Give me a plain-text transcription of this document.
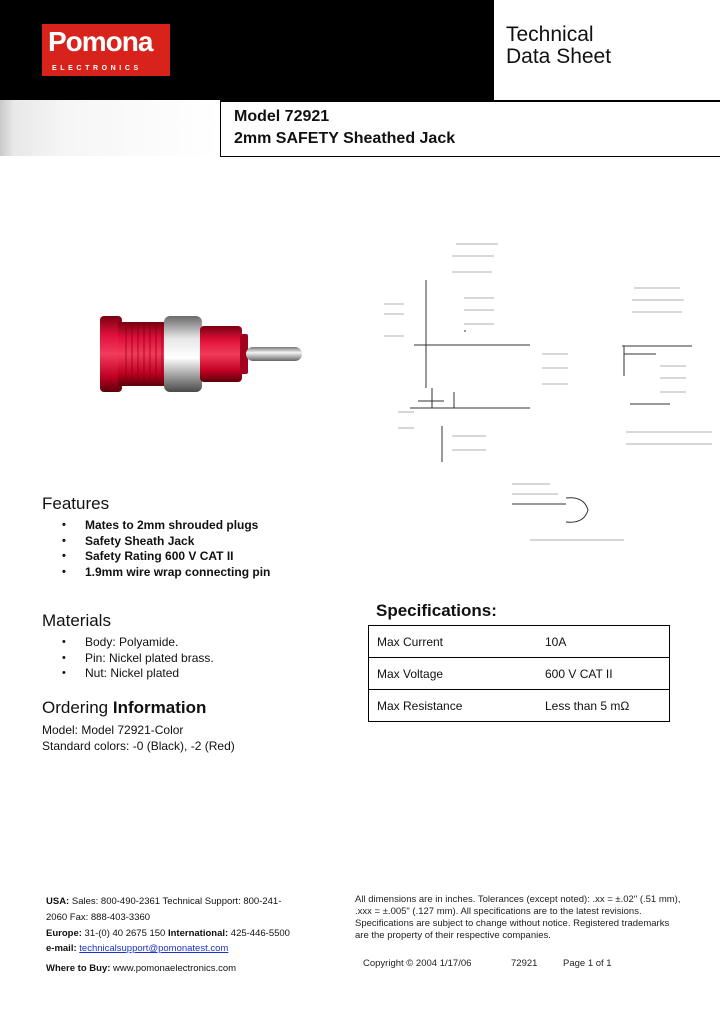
Pomona
ELECTRONICS
Technical
Data Sheet
Model 72921
2mm SAFETY Sheathed Jack
Features
• Mates to 2mm shrouded plugs
• Safety Sheath Jack
• Safety Rating 600 V CAT II
• 1.9mm wire wrap connecting pin
Materials
• Body: Polyamide.
• Pin: Nickel plated brass.
• Nut: Nickel plated
Ordering Information
Model: Model 72921-Color
Standard colors: -0 (Black), -2 (Red)
Specifications:
Max Current	10A
Max Voltage	600 V CAT II
Max Resistance	Less than 5 mΩ
USA: Sales: 800-490-2361 Technical Support: 800-241-
2060 Fax: 888-403-3360
Europe: 31-(0) 40 2675 150 International: 425-446-5500
e-mail: technicalsupport@pomonatest.com
Where to Buy: www.pomonaelectronics.com
All dimensions are in inches. Tolerances (except noted): .xx = ±.02" (.51 mm),
.xxx = ±.005" (.127 mm). All specifications are to the latest revisions.
Specifications are subject to change without notice. Registered trademarks
are the property of their respective companies.
Copyright © 2004 1/17/06	72921	Page 1 of 1
